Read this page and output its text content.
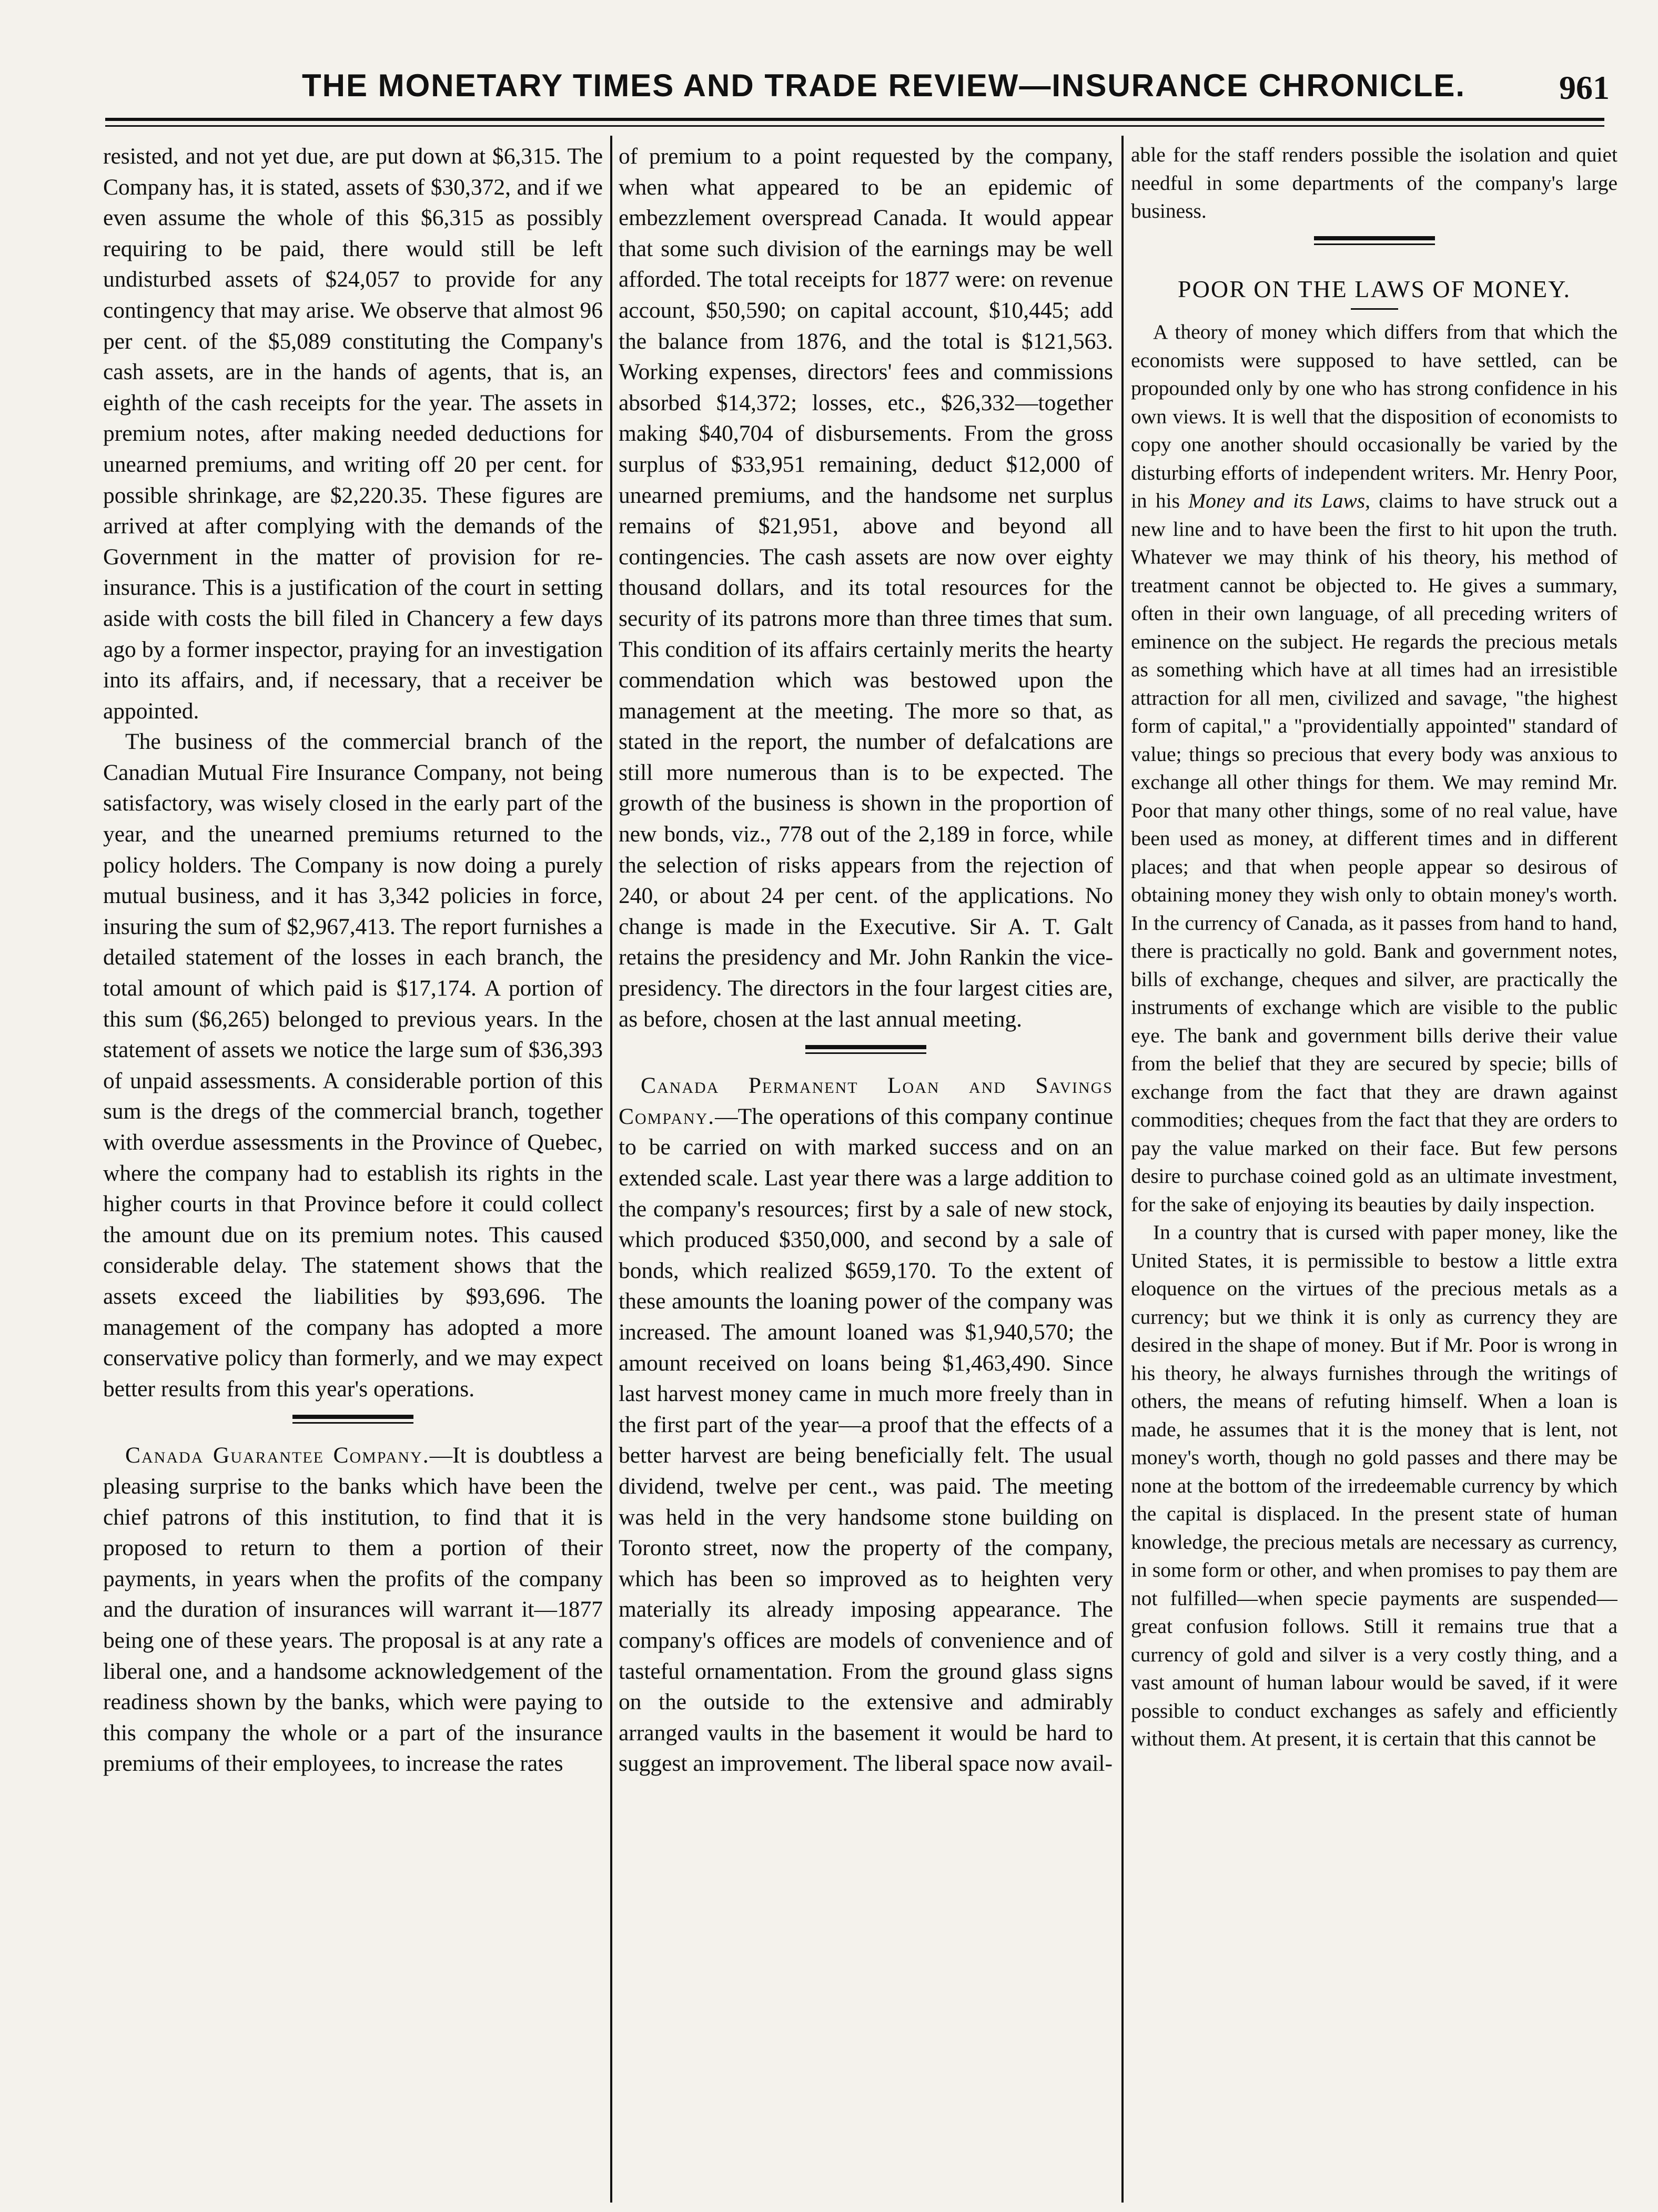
THE MONETARY TIMES AND TRADE REVIEW—INSURANCE CHRONICLE.	961

resisted, and not yet due, are put down at $6,315. The Company has, it is stated, assets of $30,372, and if we even assume the whole of this $6,315 as possibly requiring to be paid, there would still be left undisturbed assets of $24,057 to provide for any contingency that may arise. We observe that almost 96 per cent. of the $5,089 constituting the Company's cash assets, are in the hands of agents, that is, an eighth of the cash receipts for the year. The assets in premium notes, after making needed deductions for unearned premiums, and writing off 20 per cent. for possible shrinkage, are $2,220.35. These figures are arrived at after complying with the demands of the Government in the matter of provision for re-insurance. This is a justification of the court in setting aside with costs the bill filed in Chancery a few days ago by a former inspector, praying for an investigation into its affairs, and, if necessary, that a receiver be appointed.

The business of the commercial branch of the Canadian Mutual Fire Insurance Company, not being satisfactory, was wisely closed in the early part of the year, and the unearned premiums returned to the policy holders. The Company is now doing a purely mutual business, and it has 3,342 policies in force, insuring the sum of $2,967,413. The report furnishes a detailed statement of the losses in each branch, the total amount of which paid is $17,174. A portion of this sum ($6,265) belonged to previous years. In the statement of assets we notice the large sum of $36,393 of unpaid assessments. A considerable portion of this sum is the dregs of the commercial branch, together with overdue assessments in the Province of Quebec, where the company had to establish its rights in the higher courts in that Province before it could collect the amount due on its premium notes. This caused considerable delay. The statement shows that the assets exceed the liabilities by $93,696. The management of the company has adopted a more conservative policy than formerly, and we may expect better results from this year's operations.

Canada Guarantee Company.—It is doubtless a pleasing surprise to the banks which have been the chief patrons of this institution, to find that it is proposed to return to them a portion of their payments, in years when the profits of the company and the duration of insurances will warrant it—1877 being one of these years. The proposal is at any rate a liberal one, and a handsome acknowledgement of the readiness shown by the banks, which were paying to this company the whole or a part of the insurance premiums of their employees, to increase the rates

of premium to a point requested by the company, when what appeared to be an epidemic of embezzlement overspread Canada. It would appear that some such division of the earnings may be well afforded. The total receipts for 1877 were: on revenue account, $50,590; on capital account, $10,445; add the balance from 1876, and the total is $121,563. Working expenses, directors' fees and commissions absorbed $14,372; losses, etc., $26,332—together making $40,704 of disbursements. From the gross surplus of $33,951 remaining, deduct $12,000 of unearned premiums, and the handsome net surplus remains of $21,951, above and beyond all contingencies. The cash assets are now over eighty thousand dollars, and its total resources for the security of its patrons more than three times that sum. This condition of its affairs certainly merits the hearty commendation which was bestowed upon the management at the meeting. The more so that, as stated in the report, the number of defalcations are still more numerous than is to be expected. The growth of the business is shown in the proportion of new bonds, viz., 778 out of the 2,189 in force, while the selection of risks appears from the rejection of 240, or about 24 per cent. of the applications. No change is made in the Executive. Sir A. T. Galt retains the presidency and Mr. John Rankin the vice-presidency. The directors in the four largest cities are, as before, chosen at the last annual meeting.

Canada Permanent Loan and Savings Company.—The operations of this company continue to be carried on with marked success and on an extended scale. Last year there was a large addition to the company's resources; first by a sale of new stock, which produced $350,000, and second by a sale of bonds, which realized $659,170. To the extent of these amounts the loaning power of the company was increased. The amount loaned was $1,940,570; the amount received on loans being $1,463,490. Since last harvest money came in much more freely than in the first part of the year—a proof that the effects of a better harvest are being beneficially felt. The usual dividend, twelve per cent., was paid. The meeting was held in the very handsome stone building on Toronto street, now the property of the company, which has been so improved as to heighten very materially its already imposing appearance. The company's offices are models of convenience and of tasteful ornamentation. From the ground glass signs on the outside to the extensive and admirably arranged vaults in the basement it would be hard to suggest an improvement. The liberal space now avail-

able for the staff renders possible the isolation and quiet needful in some departments of the company's large business.

POOR ON THE LAWS OF MONEY.

A theory of money which differs from that which the economists were supposed to have settled, can be propounded only by one who has strong confidence in his own views. It is well that the disposition of economists to copy one another should occasionally be varied by the disturbing efforts of independent writers. Mr. Henry Poor, in his Money and its Laws, claims to have struck out a new line and to have been the first to hit upon the truth. Whatever we may think of his theory, his method of treatment cannot be objected to. He gives a summary, often in their own language, of all preceding writers of eminence on the subject. He regards the precious metals as something which have at all times had an irresistible attraction for all men, civilized and savage, "the highest form of capital," a "providentially appointed" standard of value; things so precious that every body was anxious to exchange all other things for them. We may remind Mr. Poor that many other things, some of no real value, have been used as money, at different times and in different places; and that when people appear so desirous of obtaining money they wish only to obtain money's worth. In the currency of Canada, as it passes from hand to hand, there is practically no gold. Bank and government notes, bills of exchange, cheques and silver, are practically the instruments of exchange which are visible to the public eye. The bank and government bills derive their value from the belief that they are secured by specie; bills of exchange from the fact that they are drawn against commodities; cheques from the fact that they are orders to pay the value marked on their face. But few persons desire to purchase coined gold as an ultimate investment, for the sake of enjoying its beauties by daily inspection.

In a country that is cursed with paper money, like the United States, it is permissible to bestow a little extra eloquence on the virtues of the precious metals as a currency; but we think it is only as currency they are desired in the shape of money. But if Mr. Poor is wrong in his theory, he always furnishes through the writings of others, the means of refuting himself. When a loan is made, he assumes that it is the money that is lent, not money's worth, though no gold passes and there may be none at the bottom of the irredeemable currency by which the capital is displaced. In the present state of human knowledge, the precious metals are necessary as currency, in some form or other, and when promises to pay them are not fulfilled—when specie payments are suspended—great confusion follows. Still it remains true that a currency of gold and silver is a very costly thing, and a vast amount of human labour would be saved, if it were possible to conduct exchanges as safely and efficiently without them. At present, it is certain that this cannot be
